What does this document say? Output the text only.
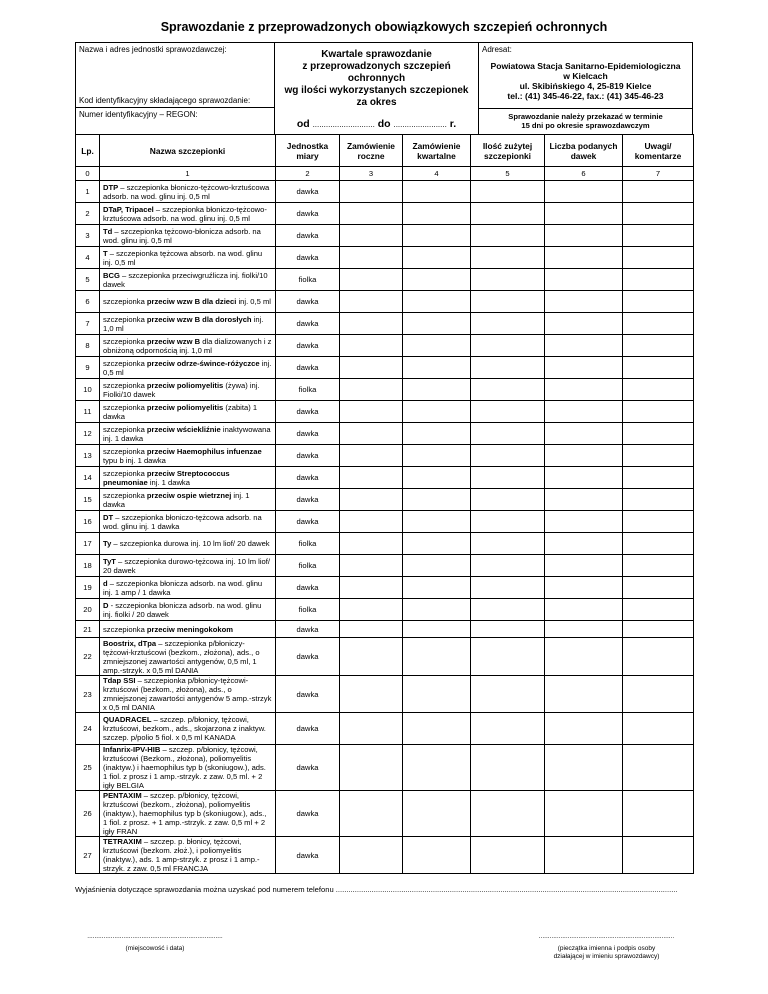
Sprawozdanie z przeprowadzonych obowiązkowych szczepień ochronnych
Nazwa i adres jednostki sprawozdawczej:
Kod identyfikacyjny składającego sprawozdanie:
Numer identyfikacyjny – REGON:
Kwartale sprawozdanie
z przeprowadzonych szczepień
ochronnych
wg ilości wykorzystanych szczepionek
za okres
od ............................ do ........................ r.
Adresat:
Powiatowa Stacja Sanitarno-Epidemiologiczna
w Kielcach
ul. Skibińskiego 4, 25-819 Kielce
tel.: (41) 345-46-22, fax.: (41) 345-46-23
Sprawozdanie należy przekazać w terminie
15 dni po okresie sprawozdawczym
Lp.	Nazwa szczepionki	Jednostka miary	Zamówienie roczne	Zamówienie kwartalne	Ilość zużytej szczepionki	Liczba podanych dawek	Uwagi/ komentarze
0	1	2	3	4	5	6	7
1	DTP – szczepionka błoniczo-tężcowo-krztuścowa adsorb. na wod. glinu inj. 0,5 ml	dawka					
2	DTaP, Tripacel – szczepionka błoniczo-tężcowo-krztuścowa adsorb. na wod. glinu inj. 0,5 ml	dawka					
3	Td – szczepionka tężcowo-błonicza adsorb. na wod. glinu inj. 0,5 ml	dawka					
4	T – szczepionka tężcowa absorb. na wod. glinu inj. 0,5 ml	dawka					
5	BCG – szczepionka przeciwgruźlicza inj. fiolki/10 dawek	fiolka					
6	szczepionka przeciw wzw B dla dzieci inj. 0,5 ml	dawka					
7	szczepionka przeciw wzw B dla dorosłych inj. 1,0 ml	dawka					
8	szczepionka przeciw wzw B dla dializowanych i z obniżoną odpornością inj. 1,0 ml	dawka					
9	szczepionka przeciw odrze-śwince-różyczce inj. 0,5 ml	dawka					
10	szczepionka przeciw poliomyelitis (żywa) inj. Fiolki/10 dawek	fiolka					
11	szczepionka przeciw poliomyelitis (zabita) 1 dawka	dawka					
12	szczepionka przeciw wściekliźnie inaktywowana inj. 1 dawka	dawka					
13	szczepionka przeciw Haemophilus infuenzae typu b inj. 1 dawka	dawka					
14	szczepionka przeciw Streptococcus pneumoniae inj. 1 dawka	dawka					
15	szczepionka przeciw ospie wietrznej inj. 1 dawka	dawka					
16	DT – szczepionka błoniczo-tężcowa adsorb. na wod. glinu inj. 1 dawka	dawka					
17	Ty – szczepionka durowa inj. 10 lm liof/ 20 dawek	fiolka					
18	TyT – szczepionka durowo-tężcowa inj. 10 lm liof/ 20 dawek	fiolka					
19	d – szczepionka błonicza adsorb. na wod. glinu inj. 1 amp / 1 dawka	dawka					
20	D - szczepionka błonicza adsorb. na wod. glinu inj. fiolki / 20 dawek	fiolka					
21	szczepionka przeciw meningokokom	dawka					
22	Boostrix, dTpa – szczepionka p/błoniczy-tężcowi-krztuścowi (bezkom., złożona), ads., o zmniejszonej zawartości antygenów, 0,5 ml, 1 amp.-strzyk. x 0,5 ml DANIA	dawka					
23	Tdap SSI – szczepionka p/błonicy-tężcowi-krztuścowi (bezkom., złożona), ads., o zmniejszonej zawartości antygenów 5 amp.-strzyk x 0,5 ml DANIA	dawka					
24	QUADRACEL – szczep. p/błonicy, tężcowi, krztuścowi, bezkom., ads., skojarzona z inaktyw. szczep. p/polio 5 fiol. x 0,5 ml KANADA	dawka					
25	Infanrix-IPV-HIB – szczep. p/błonicy, tężcowi, krztuścowi (Bezkom., złożona), poliomyelitis (inaktyw.) i haemophilus typ b (skoniugow.), ads. 1 fiol. z prosz i 1 amp.-strzyk. z zaw. 0,5 ml. + 2 igły BELGIA	dawka					
26	PENTAXIM – szczep. p/błonicy, tężcowi, krztuścowi (bezkom., złożona), poliomyelitis (inaktyw.), haemophilus typ b (skoniugow.), ads., 1 fiol. z prosz. + 1 amp.-strzyk. z zaw. 0,5 ml + 2 igły FRAN	dawka					
27	TETRAXIM – szczep. p. błonicy, tężcowi, krztuścowi (bezkom. złoż.), i poliomyelitis (inaktyw.), ads. 1 amp-strzyk. z prosz i 1 amp.-strzyk. z zaw. 0,5 ml FRANCJA	dawka					
Wyjaśnienia dotyczące sprawozdania można uzyskać pod numerem telefonu ..................................................................................................................................................................
...........................................................................
(miejscowość i data)
...........................................................................
(pieczątka imienna i podpis osoby
działającej w imieniu sprawozdawcy)
